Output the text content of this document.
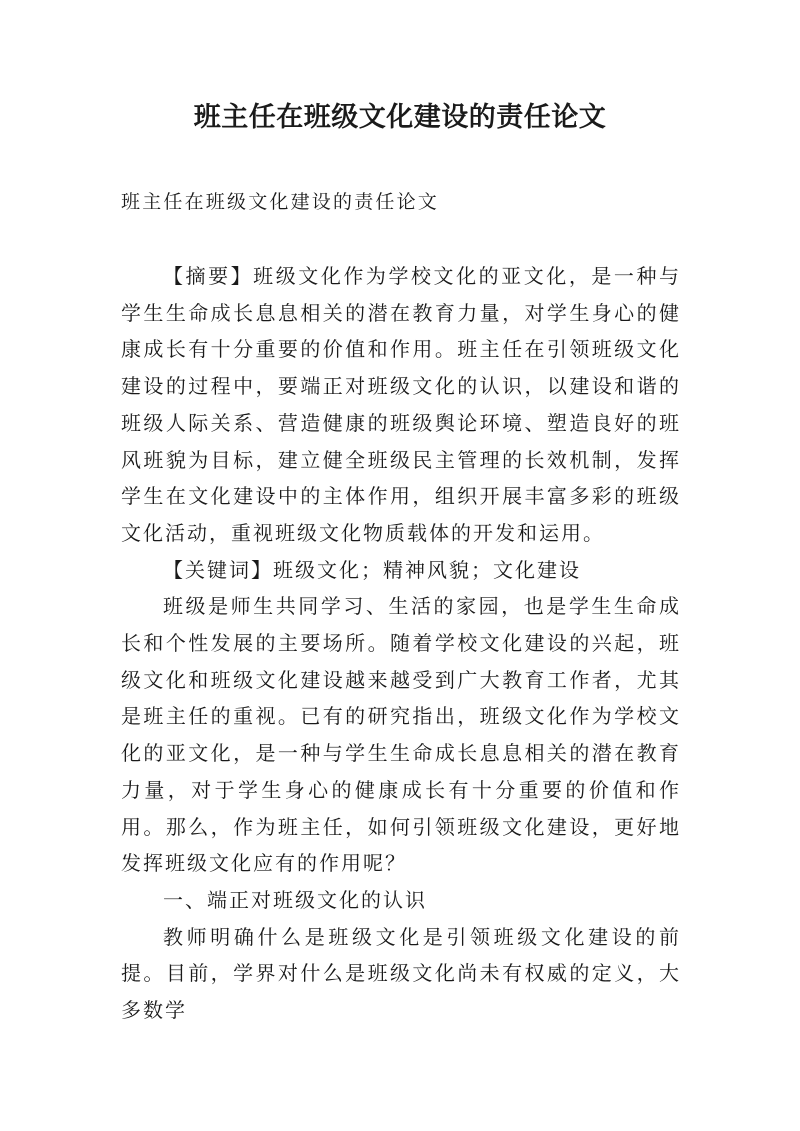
班主任在班级文化建设的责任论文

班主任在班级文化建设的责任论文

【摘要】班级文化作为学校文化的亚文化，是一种与学生生命成长息息相关的潜在教育力量，对学生身心的健康成长有十分重要的价值和作用。班主任在引领班级文化建设的过程中，要端正对班级文化的认识，以建设和谐的班级人际关系、营造健康的班级舆论环境、塑造良好的班风班貌为目标，建立健全班级民主管理的长效机制，发挥学生在文化建设中的主体作用，组织开展丰富多彩的班级文化活动，重视班级文化物质载体的开发和运用。

【关键词】班级文化；精神风貌；文化建设

班级是师生共同学习、生活的家园，也是学生生命成长和个性发展的主要场所。随着学校文化建设的兴起，班级文化和班级文化建设越来越受到广大教育工作者，尤其是班主任的重视。已有的研究指出，班级文化作为学校文化的亚文化，是一种与学生生命成长息息相关的潜在教育力量，对于学生身心的健康成长有十分重要的价值和作用。那么，作为班主任，如何引领班级文化建设，更好地发挥班级文化应有的作用呢？

一、端正对班级文化的认识

教师明确什么是班级文化是引领班级文化建设的前提。目前，学界对什么是班级文化尚未有权威的定义，大多数学
